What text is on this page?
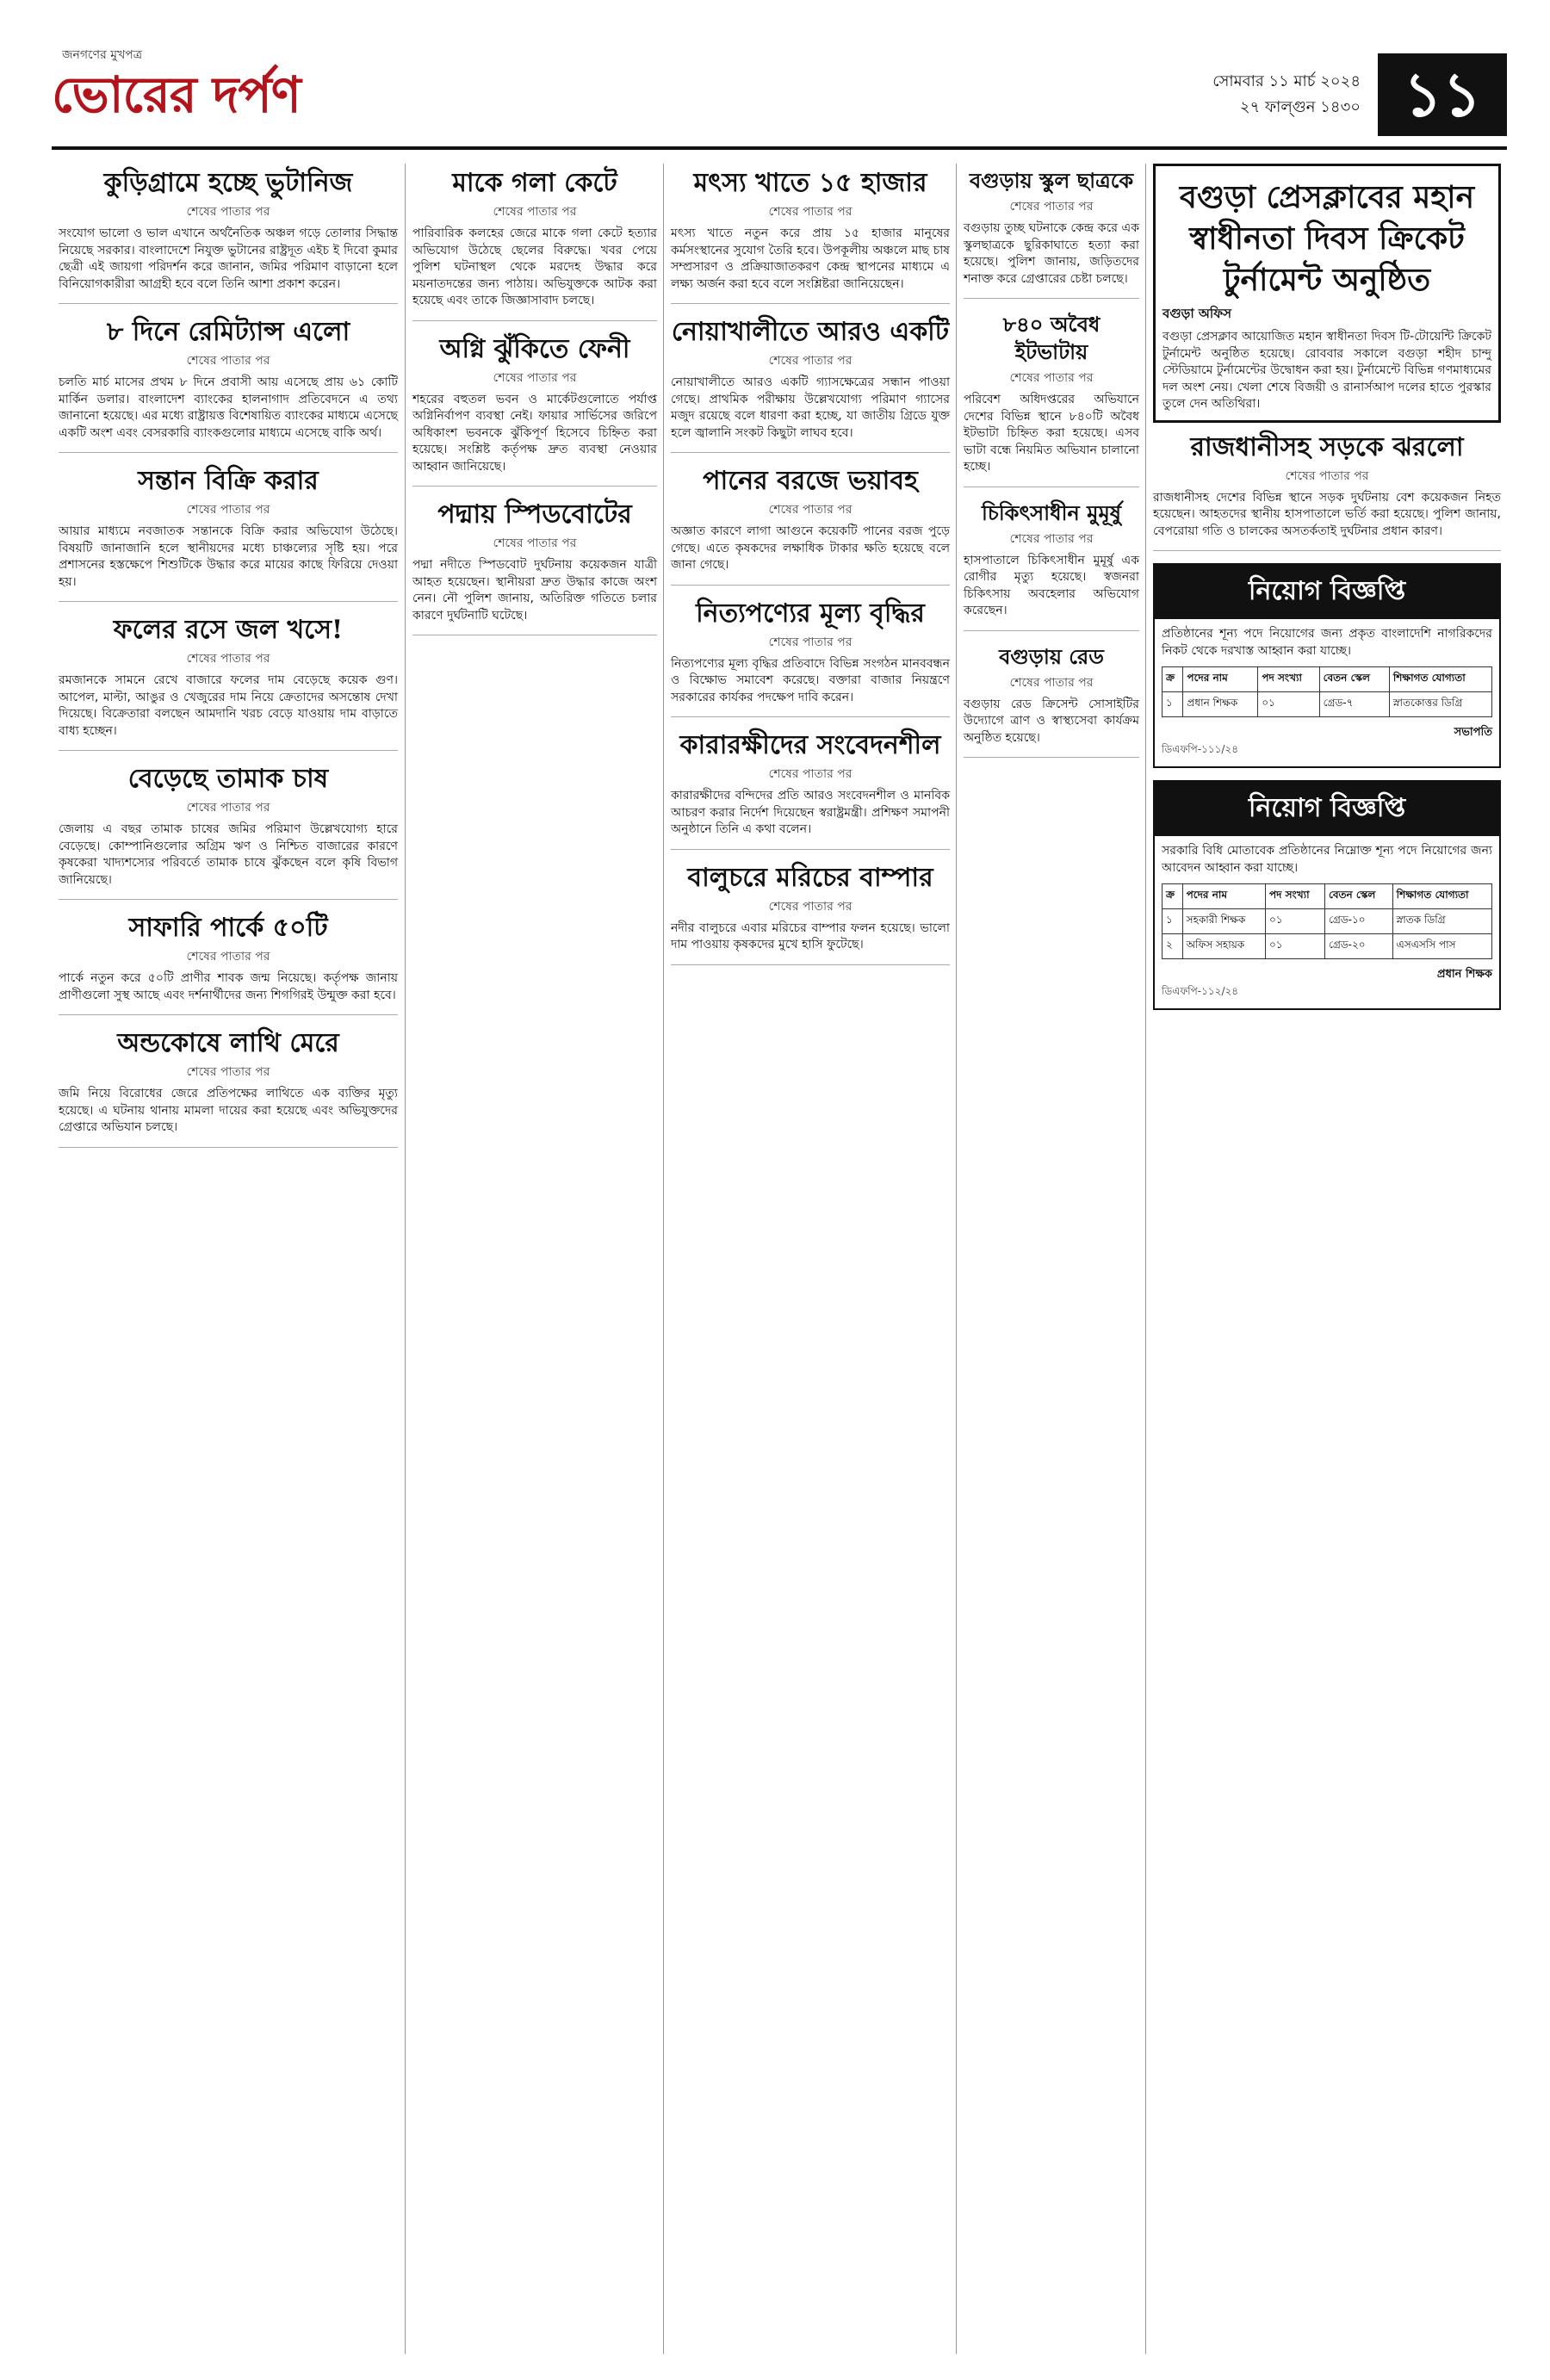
জনগণের মুখপত্র
ভোরের দর্পণ	সোমবার ১১ মার্চ ২০২৪
২৭ ফাল্গুন ১৪৩০ ১১
কুড়িগ্রামে হচ্ছে ভুটানিজ
শেষের পাতার পর

সংযোগ ভালো ও ভাল এখানে অর্থনৈতিক অঞ্চল গড়ে তোলার সিদ্ধান্ত নিয়েছে সরকার। বাংলাদেশে নিযুক্ত ভুটানের রাষ্ট্রদূত এইচ ই দিবো কুমার ছেত্রী এই জায়গা পরিদর্শন করে জানান, জমির পরিমাণ বাড়ানো হলে বিনিয়োগকারীরা আগ্রহী হবে বলে তিনি আশা প্রকাশ করেন।

৮ দিনে রেমিট্যান্স এলো
শেষের পাতার পর

চলতি মার্চ মাসের প্রথম ৮ দিনে প্রবাসী আয় এসেছে প্রায় ৬১ কোটি মার্কিন ডলার। বাংলাদেশ ব্যাংকের হালনাগাদ প্রতিবেদনে এ তথ্য জানানো হয়েছে। এর মধ্যে রাষ্ট্রায়ত্ত বিশেষায়িত ব্যাংকের মাধ্যমে এসেছে একটি অংশ এবং বেসরকারি ব্যাংকগুলোর মাধ্যমে এসেছে বাকি অর্থ।

সন্তান বিক্রি করার
শেষের পাতার পর

আয়ার মাধ্যমে নবজাতক সন্তানকে বিক্রি করার অভিযোগ উঠেছে। বিষয়টি জানাজানি হলে স্থানীয়দের মধ্যে চাঞ্চল্যের সৃষ্টি হয়। পরে প্রশাসনের হস্তক্ষেপে শিশুটিকে উদ্ধার করে মায়ের কাছে ফিরিয়ে দেওয়া হয়।

ফলের রসে জল খসে!
শেষের পাতার পর

রমজানকে সামনে রেখে বাজারে ফলের দাম বেড়েছে কয়েক গুণ। আপেল, মাল্টা, আঙুর ও খেজুরের দাম নিয়ে ক্রেতাদের অসন্তোষ দেখা দিয়েছে। বিক্রেতারা বলছেন আমদানি খরচ বেড়ে যাওয়ায় দাম বাড়াতে বাধ্য হচ্ছেন।

বেড়েছে তামাক চাষ
শেষের পাতার পর

জেলায় এ বছর তামাক চাষের জমির পরিমাণ উল্লেখযোগ্য হারে বেড়েছে। কোম্পানিগুলোর অগ্রিম ঋণ ও নিশ্চিত বাজারের কারণে কৃষকেরা খাদ্যশস্যের পরিবর্তে তামাক চাষে ঝুঁকছেন বলে কৃষি বিভাগ জানিয়েছে।

সাফারি পার্কে ৫০টি
শেষের পাতার পর

পার্কে নতুন করে ৫০টি প্রাণীর শাবক জন্ম নিয়েছে। কর্তৃপক্ষ জানায় প্রাণীগুলো সুস্থ আছে এবং দর্শনার্থীদের জন্য শিগগিরই উন্মুক্ত করা হবে।

অন্ডকোষে লাথি মেরে
শেষের পাতার পর

জমি নিয়ে বিরোধের জেরে প্রতিপক্ষের লাথিতে এক ব্যক্তির মৃত্যু হয়েছে। এ ঘটনায় থানায় মামলা দায়ের করা হয়েছে এবং অভিযুক্তদের গ্রেপ্তারে অভিযান চলছে।

মাকে গলা কেটে
শেষের পাতার পর

পারিবারিক কলহের জেরে মাকে গলা কেটে হত্যার অভিযোগ উঠেছে ছেলের বিরুদ্ধে। খবর পেয়ে পুলিশ ঘটনাস্থল থেকে মরদেহ উদ্ধার করে ময়নাতদন্তের জন্য পাঠায়। অভিযুক্তকে আটক করা হয়েছে এবং তাকে জিজ্ঞাসাবাদ চলছে।

অগ্নি ঝুঁকিতে ফেনী
শেষের পাতার পর

শহরের বহুতল ভবন ও মার্কেটগুলোতে পর্যাপ্ত অগ্নিনির্বাপণ ব্যবস্থা নেই। ফায়ার সার্ভিসের জরিপে অধিকাংশ ভবনকে ঝুঁকিপূর্ণ হিসেবে চিহ্নিত করা হয়েছে। সংশ্লিষ্ট কর্তৃপক্ষ দ্রুত ব্যবস্থা নেওয়ার আহ্বান জানিয়েছে।

পদ্মায় স্পিডবোটের
শেষের পাতার পর

পদ্মা নদীতে স্পিডবোট দুর্ঘটনায় কয়েকজন যাত্রী আহত হয়েছেন। স্থানীয়রা দ্রুত উদ্ধার কাজে অংশ নেন। নৌ পুলিশ জানায়, অতিরিক্ত গতিতে চলার কারণে দুর্ঘটনাটি ঘটেছে।

মৎস্য খাতে ১৫ হাজার
শেষের পাতার পর

মৎস্য খাতে নতুন করে প্রায় ১৫ হাজার মানুষের কর্মসংস্থানের সুযোগ তৈরি হবে। উপকূলীয় অঞ্চলে মাছ চাষ সম্প্রসারণ ও প্রক্রিয়াজাতকরণ কেন্দ্র স্থাপনের মাধ্যমে এ লক্ষ্য অর্জন করা হবে বলে সংশ্লিষ্টরা জানিয়েছেন।

নোয়াখালীতে আরও একটি
শেষের পাতার পর

নোয়াখালীতে আরও একটি গ্যাসক্ষেত্রের সন্ধান পাওয়া গেছে। প্রাথমিক পরীক্ষায় উল্লেখযোগ্য পরিমাণ গ্যাসের মজুদ রয়েছে বলে ধারণা করা হচ্ছে, যা জাতীয় গ্রিডে যুক্ত হলে জ্বালানি সংকট কিছুটা লাঘব হবে।

পানের বরজে ভয়াবহ
শেষের পাতার পর

অজ্ঞাত কারণে লাগা আগুনে কয়েকটি পানের বরজ পুড়ে গেছে। এতে কৃষকদের লক্ষাধিক টাকার ক্ষতি হয়েছে বলে জানা গেছে।

নিত্যপণ্যের মূল্য বৃদ্ধির
শেষের পাতার পর

নিত্যপণ্যের মূল্য বৃদ্ধির প্রতিবাদে বিভিন্ন সংগঠন মানববন্ধন ও বিক্ষোভ সমাবেশ করেছে। বক্তারা বাজার নিয়ন্ত্রণে সরকারের কার্যকর পদক্ষেপ দাবি করেন।

কারারক্ষীদের সংবেদনশীল
শেষের পাতার পর

কারারক্ষীদের বন্দিদের প্রতি আরও সংবেদনশীল ও মানবিক আচরণ করার নির্দেশ দিয়েছেন স্বরাষ্ট্রমন্ত্রী। প্রশিক্ষণ সমাপনী অনুষ্ঠানে তিনি এ কথা বলেন।

বালুচরে মরিচের বাম্পার
শেষের পাতার পর

নদীর বালুচরে এবার মরিচের বাম্পার ফলন হয়েছে। ভালো দাম পাওয়ায় কৃষকদের মুখে হাসি ফুটেছে।

বগুড়ায় স্কুল ছাত্রকে
শেষের পাতার পর

বগুড়ায় তুচ্ছ ঘটনাকে কেন্দ্র করে এক স্কুলছাত্রকে ছুরিকাঘাতে হত্যা করা হয়েছে। পুলিশ জানায়, জড়িতদের শনাক্ত করে গ্রেপ্তারের চেষ্টা চলছে।

৮৪০ অবৈধ ইটভাটায়
শেষের পাতার পর

পরিবেশ অধিদপ্তরের অভিযানে দেশের বিভিন্ন স্থানে ৮৪০টি অবৈধ ইটভাটা চিহ্নিত করা হয়েছে। এসব ভাটা বন্ধে নিয়মিত অভিযান চালানো হচ্ছে।

চিকিৎসাধীন মুমূর্ষু
শেষের পাতার পর

হাসপাতালে চিকিৎসাধীন মুমূর্ষু এক রোগীর মৃত্যু হয়েছে। স্বজনরা চিকিৎসায় অবহেলার অভিযোগ করেছেন।

বগুড়ায় রেড
শেষের পাতার পর

বগুড়ায় রেড ক্রিসেন্ট সোসাইটির উদ্যোগে ত্রাণ ও স্বাস্থ্যসেবা কার্যক্রম অনুষ্ঠিত হয়েছে।

বগুড়া প্রেসক্লাবের মহান স্বাধীনতা দিবস ক্রিকেট টুর্নামেন্ট অনুষ্ঠিত
বগুড়া অফিস

বগুড়া প্রেসক্লাব আয়োজিত মহান স্বাধীনতা দিবস টি-টোয়েন্টি ক্রিকেট টুর্নামেন্ট অনুষ্ঠিত হয়েছে। রোববার সকালে বগুড়া শহীদ চান্দু স্টেডিয়ামে টুর্নামেন্টের উদ্বোধন করা হয়। টুর্নামেন্টে বিভিন্ন গণমাধ্যমের দল অংশ নেয়। খেলা শেষে বিজয়ী ও রানার্সআপ দলের হাতে পুরস্কার তুলে দেন অতিথিরা।

রাজধানীসহ সড়কে ঝরলো
শেষের পাতার পর

রাজধানীসহ দেশের বিভিন্ন স্থানে সড়ক দুর্ঘটনায় বেশ কয়েকজন নিহত হয়েছেন। আহতদের স্থানীয় হাসপাতালে ভর্তি করা হয়েছে। পুলিশ জানায়, বেপরোয়া গতি ও চালকের অসতর্কতাই দুর্ঘটনার প্রধান কারণ।

নিয়োগ বিজ্ঞপ্তি

প্রতিষ্ঠানের শূন্য পদে নিয়োগের জন্য প্রকৃত বাংলাদেশি নাগরিকদের নিকট থেকে দরখাস্ত আহ্বান করা যাচ্ছে।

ক্র	পদের নাম	পদ সংখ্যা	বেতন স্কেল	শিক্ষাগত যোগ্যতা
১	প্রধান শিক্ষক	০১	গ্রেড-৭	স্নাতকোত্তর ডিগ্রি
সভাপতি
ডিএফপি-১১১/২৪
নিয়োগ বিজ্ঞপ্তি

সরকারি বিধি মোতাবেক প্রতিষ্ঠানের নিম্নোক্ত শূন্য পদে নিয়োগের জন্য আবেদন আহ্বান করা যাচ্ছে।

ক্র	পদের নাম	পদ সংখ্যা	বেতন স্কেল	শিক্ষাগত যোগ্যতা
১	সহকারী শিক্ষক	০১	গ্রেড-১০	স্নাতক ডিগ্রি
২	অফিস সহায়ক	০১	গ্রেড-২০	এসএসসি পাস
প্রধান শিক্ষক
ডিএফপি-১১২/২৪
